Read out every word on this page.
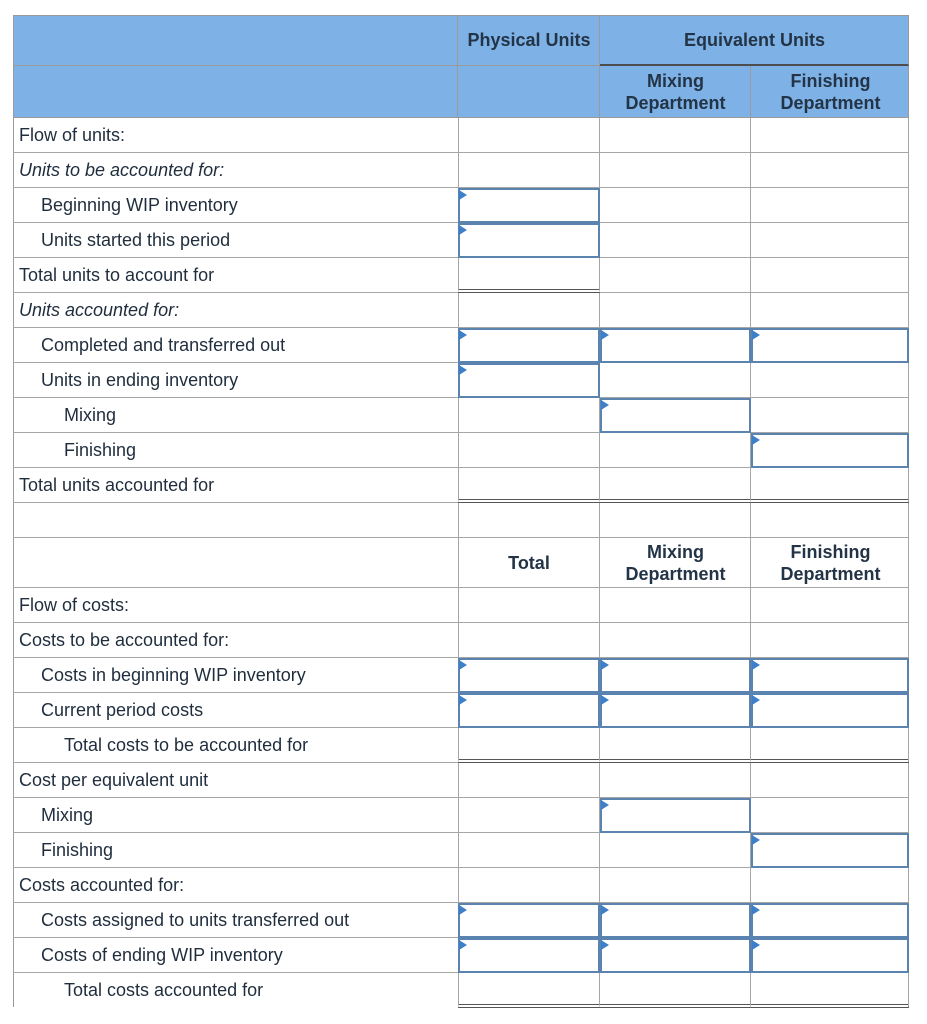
Physical Units	Equivalent Units
Mixing Department
Finishing Department
Flow of units:
Units to be accounted for:
Beginning WIP inventory
Units started this period
Total units to account for
Units accounted for:
Completed and transferred out
Units in ending inventory
Mixing
Finishing
Total units accounted for
Total
Mixing Department
Finishing Department
Flow of costs:
Costs to be accounted for:
Costs in beginning WIP inventory
Current period costs
Total costs to be accounted for
Cost per equivalent unit
Mixing
Finishing
Costs accounted for:
Costs assigned to units transferred out
Costs of ending WIP inventory
Total costs accounted for
